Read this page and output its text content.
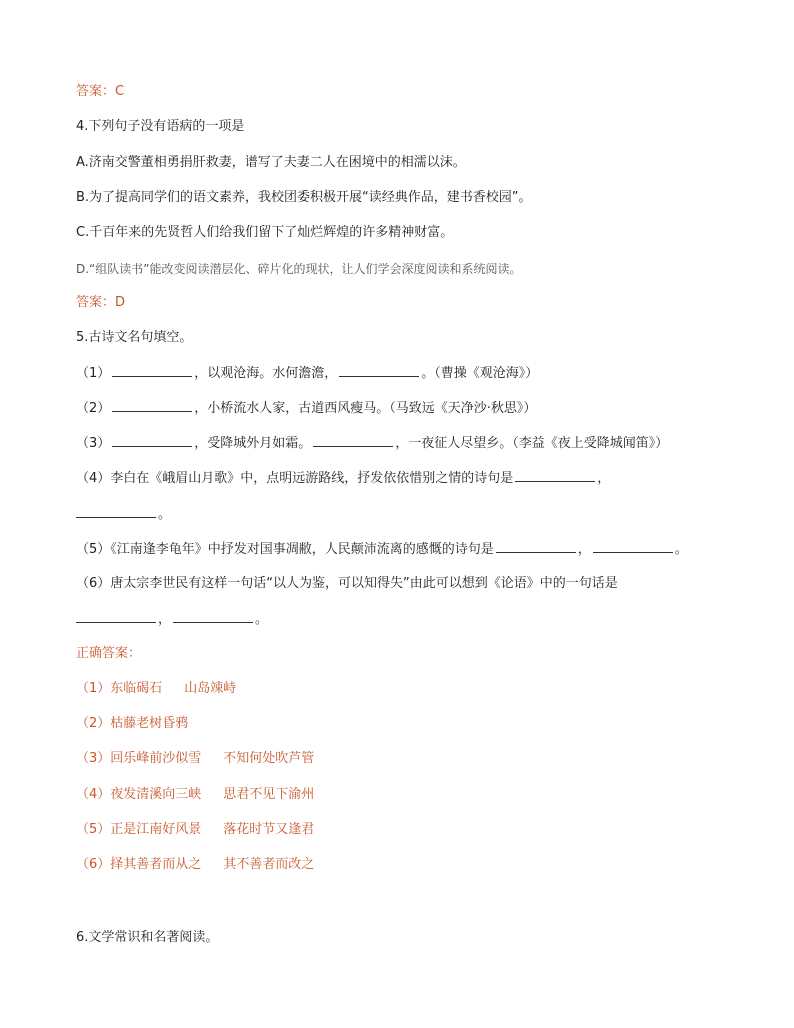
答案：C
4.下列句子没有语病的一项是
A.济南交警董相勇捐肝救妻，谱写了夫妻二人在困境中的相濡以沫。
B.为了提高同学们的语文素养，我校团委积极开展“读经典作品，建书香校园”。
C.千百年来的先贤哲人们给我们留下了灿烂辉煌的许多精神财富。
D.“组队读书”能改变阅读潜层化、碎片化的现状，让人们学会深度阅读和系统阅读。
答案：D
5.古诗文名句填空。
（1）	，以观沧海。水何澹澹，	。（曹操《观沧海》）
（2）	，小桥流水人家，古道西风瘦马。（马致远《天净沙·秋思》）
（3）	，受降城外月如霜。	，一夜征人尽望乡。（李益《夜上受降城闻笛》）
（4）李白在《峨眉山月歌》中，点明远游路线，抒发依依惜别之情的诗句是	，
。
（5）《江南逢李龟年》中抒发对国事凋敝，人民颠沛流离的感慨的诗句是	，	。
（6）唐太宗李世民有这样一句话“以人为鉴，可以知得失”由此可以想到《论语》中的一句话是
，	。
正确答案：
（1）东临碣石 山岛竦峙
（2）枯藤老树昏鸦
（3）回乐峰前沙似雪 不知何处吹芦管
（4）夜发清溪向三峡 思君不见下渝州
（5）正是江南好风景 落花时节又逢君
（6）择其善者而从之 其不善者而改之
6.文学常识和名著阅读。
